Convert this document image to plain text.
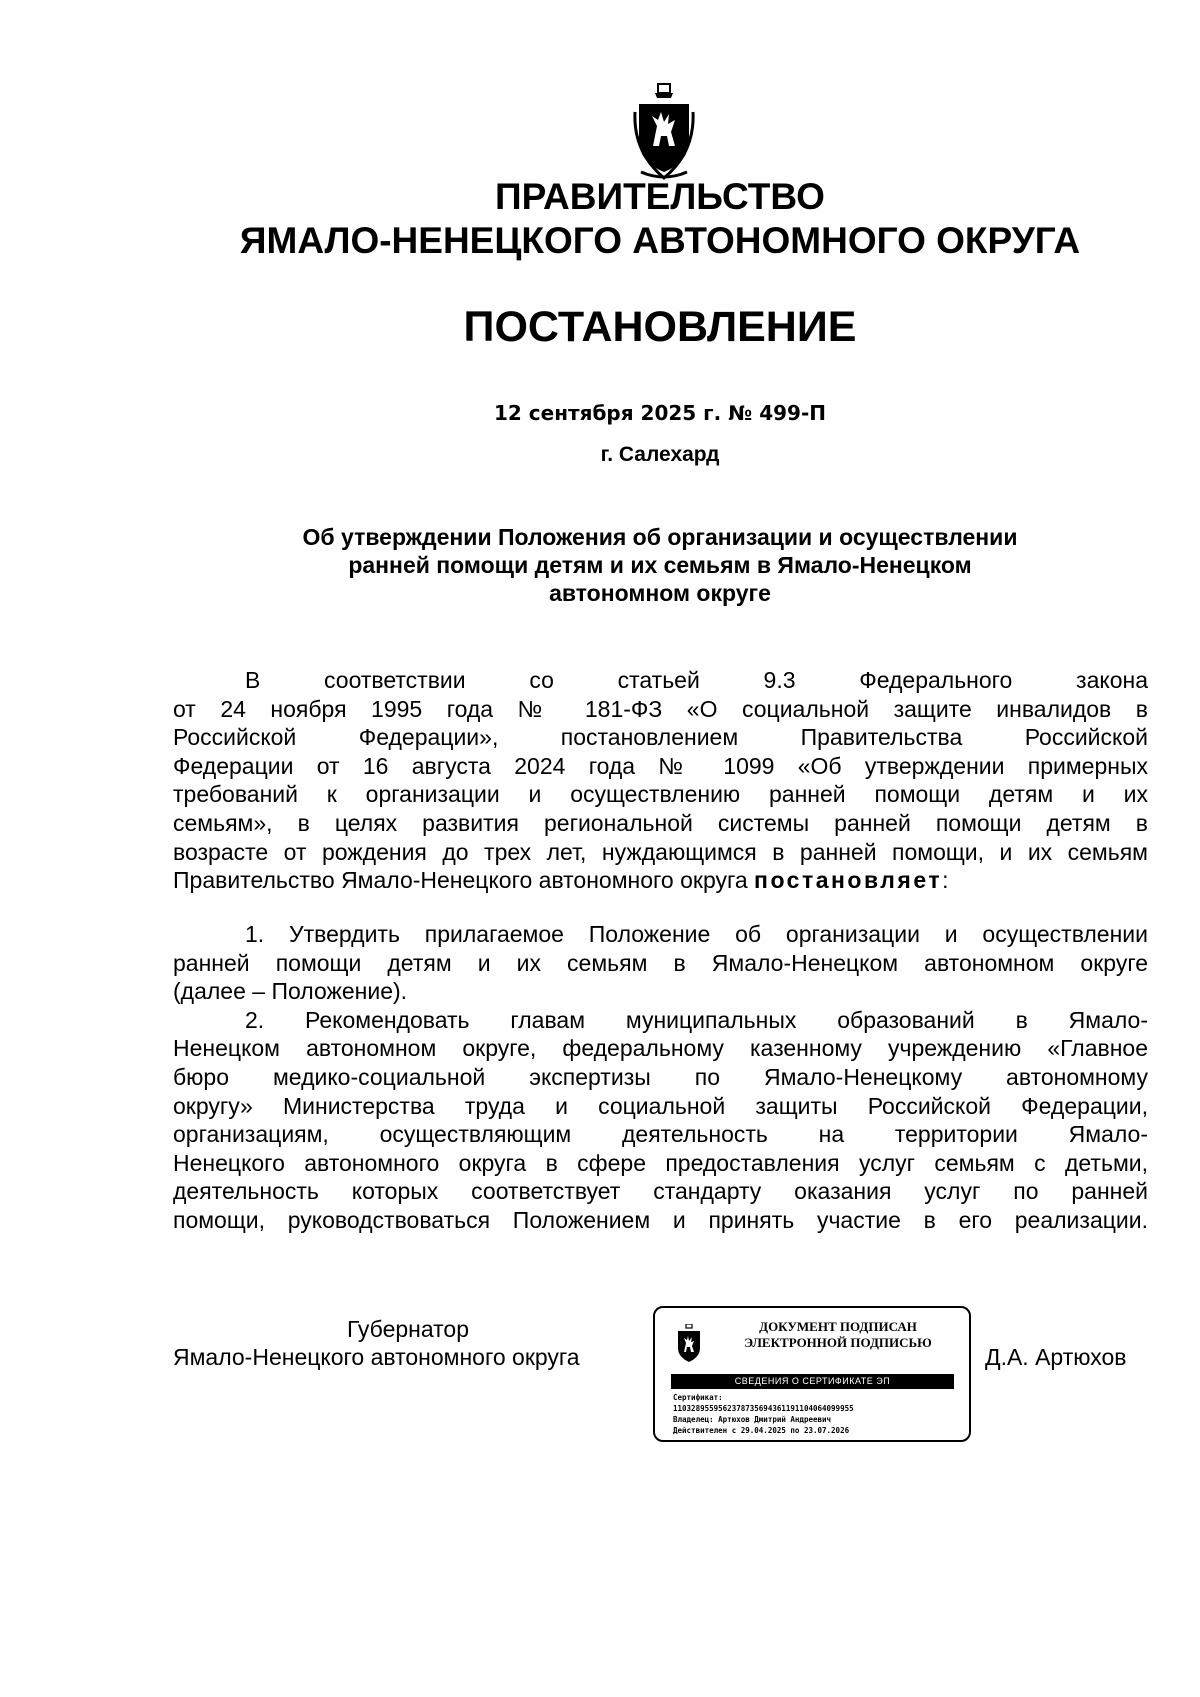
ПРАВИТЕЛЬСТВО
ЯМАЛО-НЕНЕЦКОГО АВТОНОМНОГО ОКРУГА
ПОСТАНОВЛЕНИЕ
12 сентября 2025 г. № 499-П
г. Салехард
Об утверждении Положения об организации и осуществлении
ранней помощи детям и их семьям в Ямало-Ненецком
автономном округе
В соответствии со статьей 9.3 Федерального закона
от 24 ноября 1995 года № 181-ФЗ «О социальной защите инвалидов в
Российской Федерации», постановлением Правительства Российской
Федерации от 16 августа 2024 года № 1099 «Об утверждении примерных
требований к организации и осуществлению ранней помощи детям и их
семьям», в целях развития региональной системы ранней помощи детям в
возрасте от рождения до трех лет, нуждающимся в ранней помощи, и их семьям
Правительство Ямало-Ненецкого автономного округа постановляет:
1. Утвердить прилагаемое Положение об организации и осуществлении
ранней помощи детям и их семьям в Ямало-Ненецком автономном округе
(далее – Положение).
2. Рекомендовать главам муниципальных образований в Ямало-
Ненецком автономном округе, федеральному казенному учреждению «Главное
бюро медико-социальной экспертизы по Ямало-Ненецкому автономному
округу» Министерства труда и социальной защиты Российской Федерации,
организациям, осуществляющим деятельность на территории Ямало-
Ненецкого автономного округа в сфере предоставления услуг семьям с детьми,
деятельность которых соответствует стандарту оказания услуг по ранней
помощи, руководствоваться Положением и принять участие в его реализации.
Губернатор
Ямало-Ненецкого автономного округа
ДОКУМЕНТ ПОДПИСАН
ЭЛЕКТРОННОЙ ПОДПИСЬЮ
СВЕДЕНИЯ О СЕРТИФИКАТЕ ЭП
Сертификат:
1103289559562378735694361191104064099955
Владелец: Артюхов Дмитрий Андреевич
Действителен с 29.04.2025 по 23.07.2026
Д.А. Артюхов
